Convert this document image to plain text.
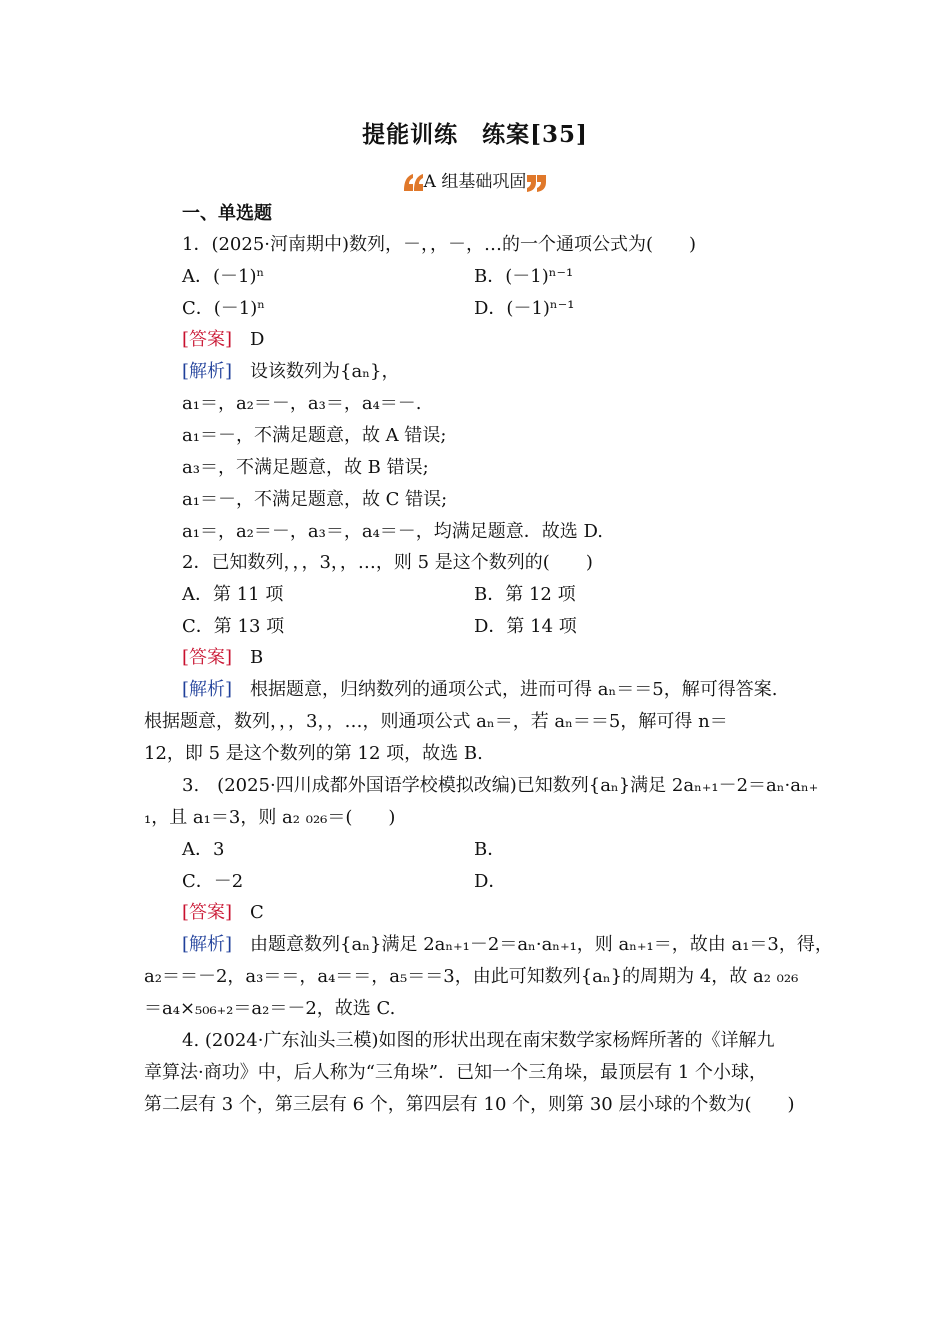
提能训练　练案[35]
A 组基础巩固
一、单选题
1．(2025·河南期中)数列，－，，－，…的一个通项公式为(　　)
A．(－1)ⁿ	B．(－1)ⁿ⁻¹
C．(－1)ⁿ	D．(－1)ⁿ⁻¹
[答案]　 D
[解析]　 设该数列为{aₙ}，
a₁＝，a₂＝－，a₃＝，a₄＝－.
a₁＝－，不满足题意，故 A 错误;
a₃＝，不满足题意，故 B 错误;
a₁＝－，不满足题意，故 C 错误;
a₁＝，a₂＝－，a₃＝，a₄＝－，均满足题意．故选 D.
2．已知数列，，，3，，…，则 5 是这个数列的(　　)
A．第 11 项	B．第 12 项
C．第 13 项	D．第 14 项
[答案]　 B
[解析]　 根据题意，归纳数列的通项公式，进而可得 aₙ＝＝5，解可得答案.
根据题意，数列，，，3，，…，则通项公式 aₙ＝，若 aₙ＝＝5，解可得 n＝
12，即 5 是这个数列的第 12 项，故选 B.
3.　(2025·四川成都外国语学校模拟改编)已知数列{aₙ}满足 2aₙ₊₁－2＝aₙ·aₙ₊
₁，且 a₁＝3，则 a₂ ₀₂₆＝(　　)
A．3	B．
C．－2	D．
[答案]　 C
[解析]　 由题意数列{aₙ}满足 2aₙ₊₁－2＝aₙ·aₙ₊₁，则 aₙ₊₁＝，故由 a₁＝3，得，
a₂＝＝－2，a₃＝＝，a₄＝＝，a₅＝＝3，由此可知数列{aₙ}的周期为 4，故 a₂ ₀₂₆
＝a₄×₅₀₆₊₂＝a₂＝－2，故选 C.
4. (2024·广东汕头三模)如图的形状出现在南宋数学家杨辉所著的《详解九
章算法·商功》中，后人称为“三角垛”．已知一个三角垛，最顶层有 1 个小球，
第二层有 3 个，第三层有 6 个，第四层有 10 个，则第 30 层小球的个数为(　　)
